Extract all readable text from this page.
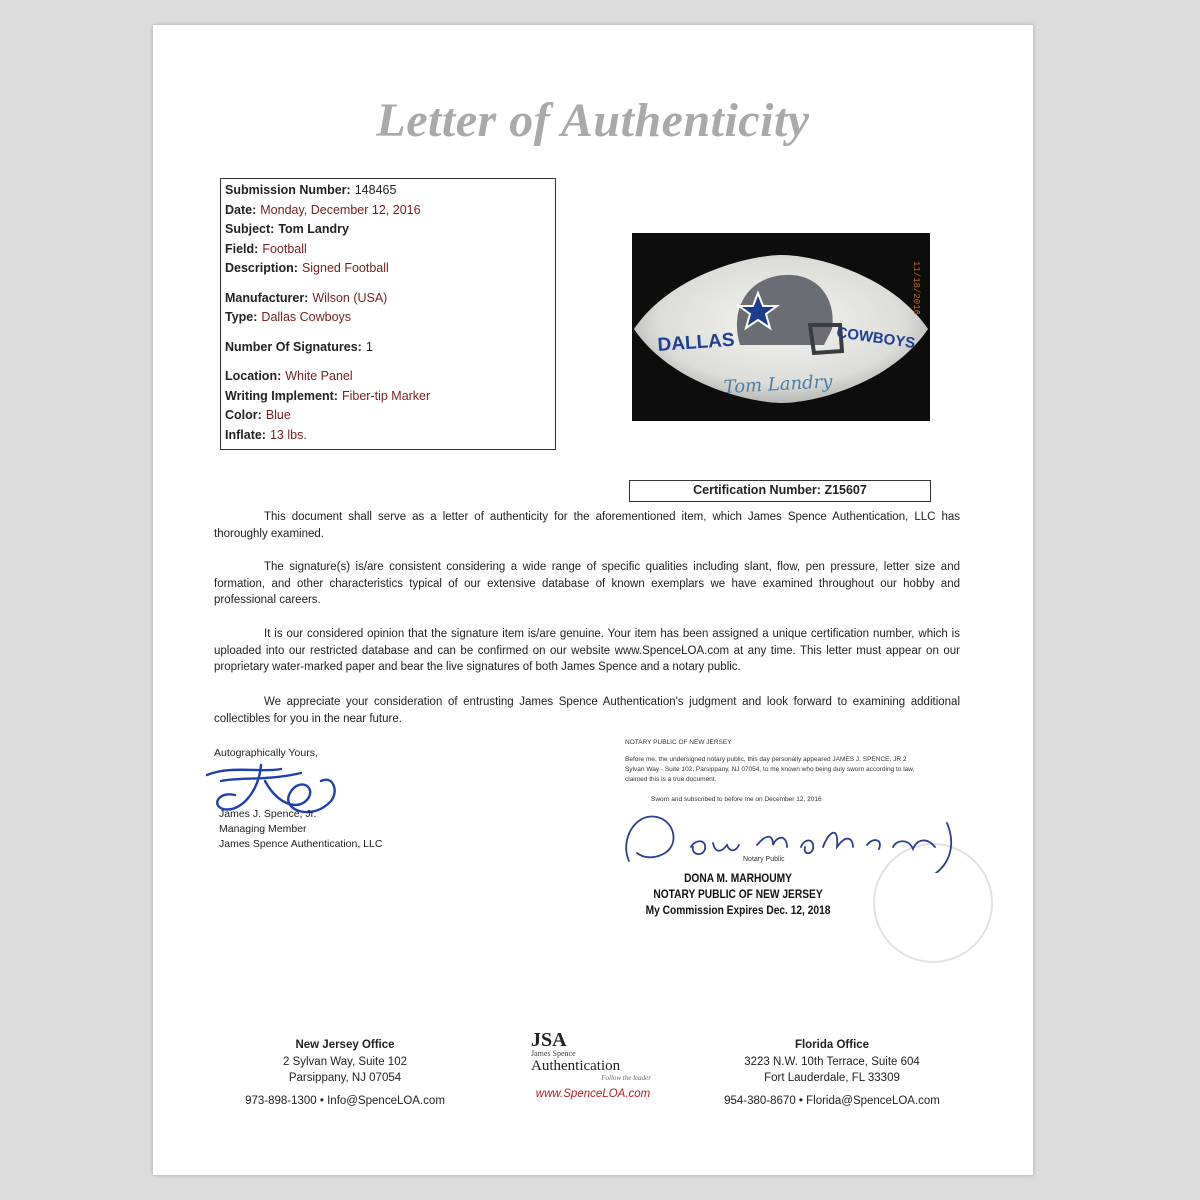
Letter of Authenticity
Submission Number: 148465
Date: Monday, December 12, 2016
Subject: Tom Landry
Field: Football
Description: Signed Football
Manufacturer: Wilson (USA)
Type: Dallas Cowboys
Number Of Signatures: 1
Location: White Panel
Writing Implement: Fiber-tip Marker
Color: Blue
Inflate: 13 lbs.
DALLAS	COWBOYS
Tom Landry
11/18/2016
Certification Number: Z15607
This document shall serve as a letter of authenticity for the aforementioned item, which James Spence Authentication, LLC has thoroughly examined.
The signature(s) is/are consistent considering a wide range of specific qualities including slant, flow, pen pressure, letter size and formation, and other characteristics typical of our extensive database of known exemplars we have examined throughout our hobby and professional careers.
It is our considered opinion that the signature item is/are genuine. Your item has been assigned a unique certification number, which is uploaded into our restricted database and can be confirmed on our website www.SpenceLOA.com at any time. This letter must appear on our proprietary water-marked paper and bear the live signatures of both James Spence and a notary public.
We appreciate your consideration of entrusting James Spence Authentication's judgment and look forward to examining additional collectibles for you in the near future.
Autographically Yours,
James J. Spence, Jr.
Managing Member
James Spence Authentication, LLC
NOTARY PUBLIC OF NEW JERSEY
Before me, the undersigned notary public, this day personally appeared JAMES J. SPENCE, JR 2 Sylvan Way - Suite 102, Parsippany, NJ 07054, to me known who being duly sworn according to law, claimed this is a true document.
Sworn and subscribed to before me on December 12, 2016
Notary Public
DONA M. MARHOUMY
NOTARY PUBLIC OF NEW JERSEY
My Commission Expires Dec. 12, 2018
New Jersey Office
2 Sylvan Way, Suite 102
Parsippany, NJ 07054
973-898-1300 • Info@SpenceLOA.com
JSA
James Spence
Authentication
Follow the leader
www.SpenceLOA.com
Florida Office
3223 N.W. 10th Terrace, Suite 604
Fort Lauderdale, FL 33309
954-380-8670 • Florida@SpenceLOA.com
